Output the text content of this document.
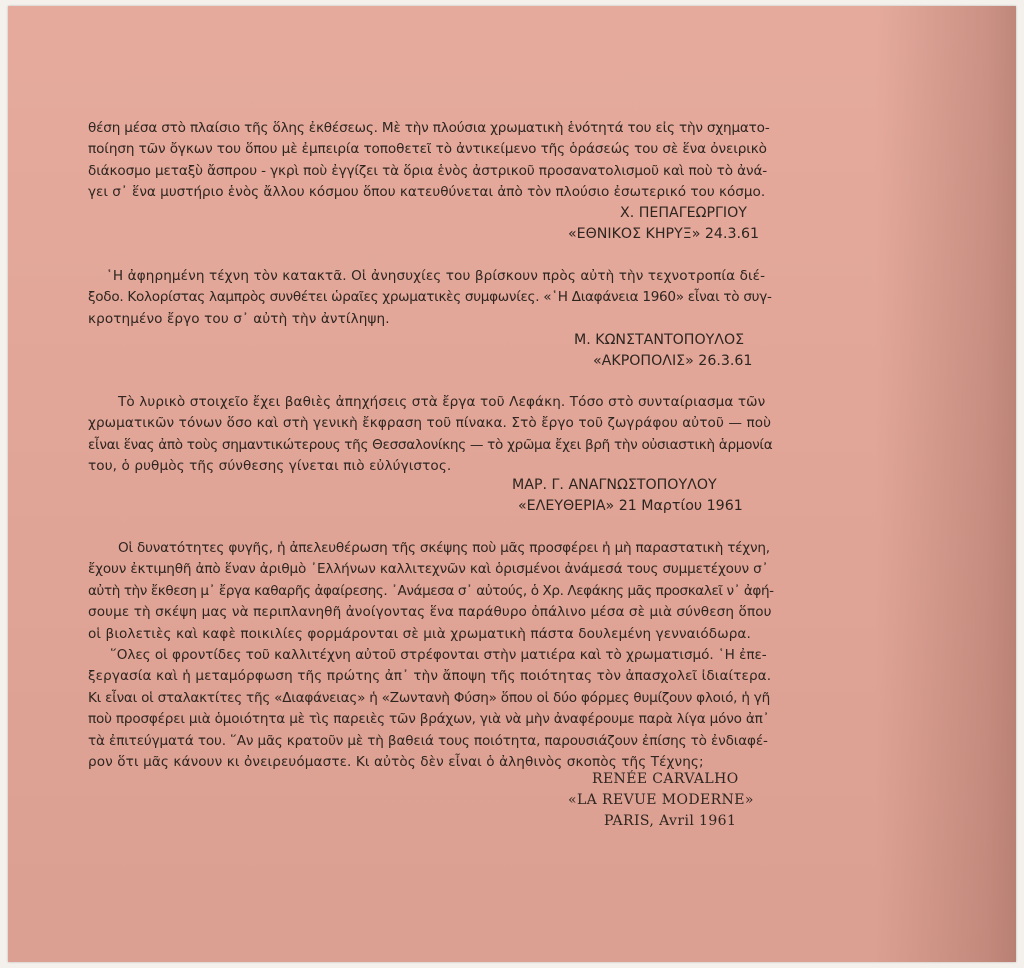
θέση μέσα στὸ πλαίσιο τῆς ὅλης ἐκθέσεως. Μὲ τὴν πλούσια χρωματικὴ ἑνότητά του εἰς τὴν σχηματο-
ποίηση τῶν ὄγκων του ὅπου μὲ ἐμπειρία τοποθετεῖ τὸ ἀντικείμενο τῆς ὁράσεώς του σὲ ἕνα ὀνειρικὸ
διάκοσμο μεταξὺ ἄσπρου - γκρὶ ποὺ ἐγγίζει τὰ ὅρια ἑνὸς ἀστρικοῦ προσανατολισμοῦ καὶ ποὺ τὸ ἀνά-
γει σ᾿ ἕνα μυστήριο ἑνὸς ἄλλου κόσμου ὅπου κατευθύνεται ἀπὸ τὸν πλούσιο ἐσωτερικό του κόσμο.
Χ. ΠΕΠΑΓΕΩΡΓΙΟΥ
«ΕΘΝΙΚΟΣ ΚΗΡΥΞ» 24.3.61
῾Η ἀφηρημένη τέχνη τὸν κατακτᾶ. Οἱ ἀνησυχίες του βρίσκουν πρὸς αὐτὴ τὴν τεχνοτροπία διέ-
ξοδο. Κολορίστας λαμπρὸς συνθέτει ὡραῖες χρωματικὲς συμφωνίες. «῾Η Διαφάνεια 1960» εἶναι τὸ συγ-
κροτημένο ἔργο του σ᾿ αὐτὴ τὴν ἀντίληψη.
Μ. ΚΩΝΣΤΑΝΤΟΠΟΥΛΟΣ
«ΑΚΡΟΠΟΛΙΣ» 26.3.61
Τὸ λυρικὸ στοιχεῖο ἔχει βαθιὲς ἀπηχήσεις στὰ ἔργα τοῦ Λεφάκη. Τόσο στὸ συνταίριασμα τῶν
χρωματικῶν τόνων ὅσο καὶ στὴ γενικὴ ἔκφραση τοῦ πίνακα. Στὸ ἔργο τοῦ ζωγράφου αὐτοῦ — ποὺ
εἶναι ἕνας ἀπὸ τοὺς σημαντικώτερους τῆς Θεσσαλονίκης — τὸ χρῶμα ἔχει βρῆ τὴν οὐσιαστικὴ ἁρμονία
του, ὁ ρυθμὸς τῆς σύνθεσης γίνεται πιὸ εὐλύγιστος.
ΜΑΡ. Γ. ΑΝΑΓΝΩΣΤΟΠΟΥΛΟΥ
«ΕΛΕΥΘΕΡΙΑ» 21 Μαρτίου 1961
Οἱ δυνατότητες φυγῆς, ἡ ἀπελευθέρωση τῆς σκέψης ποὺ μᾶς προσφέρει ἡ μὴ παραστατικὴ τέχνη,
ἔχουν ἐκτιμηθῆ ἀπὸ ἕναν ἀριθμὸ ᾿Ελλήνων καλλιτεχνῶν καὶ ὁρισμένοι ἀνάμεσά τους συμμετέχουν σ᾿
αὐτὴ τὴν ἔκθεση μ᾿ ἔργα καθαρῆς ἀφαίρεσης. ᾿Ανάμεσα σ᾿ αὐτούς, ὁ Χρ. Λεφάκης μᾶς προσκαλεῖ ν᾿ ἀφή-
σουμε τὴ σκέψη μας νὰ περιπλανηθῆ ἀνοίγοντας ἕνα παράθυρο ὀπάλινο μέσα σὲ μιὰ σύνθεση ὅπου
οἱ βιολετιὲς καὶ καφὲ ποικιλίες φορμάρονται σὲ μιὰ χρωματικὴ πάστα δουλεμένη γενναιόδωρα.
῞Ολες οἱ φροντίδες τοῦ καλλιτέχνη αὐτοῦ στρέφονται στὴν ματιέρα καὶ τὸ χρωματισμό. ῾Η ἐπε-
ξεργασία καὶ ἡ μεταμόρφωση τῆς πρώτης ἀπ᾿ τὴν ἄποψη τῆς ποιότητας τὸν ἀπασχολεῖ ἰδιαίτερα.
Κι εἶναι οἱ σταλακτίτες τῆς «Διαφάνειας» ἡ «Ζωντανὴ Φύση» ὅπου οἱ δύο φόρμες θυμίζουν φλοιό, ἡ γῆ
ποὺ προσφέρει μιὰ ὁμοιότητα μὲ τὶς παρειὲς τῶν βράχων, γιὰ νὰ μὴν ἀναφέρουμε παρὰ λίγα μόνο ἀπ᾿
τὰ ἐπιτεύγματά του. ῞Αν μᾶς κρατοῦν μὲ τὴ βαθειά τους ποιότητα, παρουσιάζουν ἐπίσης τὸ ἐνδιαφέ-
ρον ὅτι μᾶς κάνουν κι ὀνειρευόμαστε. Κι αὐτὸς δὲν εἶναι ὁ ἀληθινὸς σκοπὸς τῆς Τέχνης;
RENÉE CARVALHO
«LA REVUE MODERNE»
PARIS, Avril 1961
